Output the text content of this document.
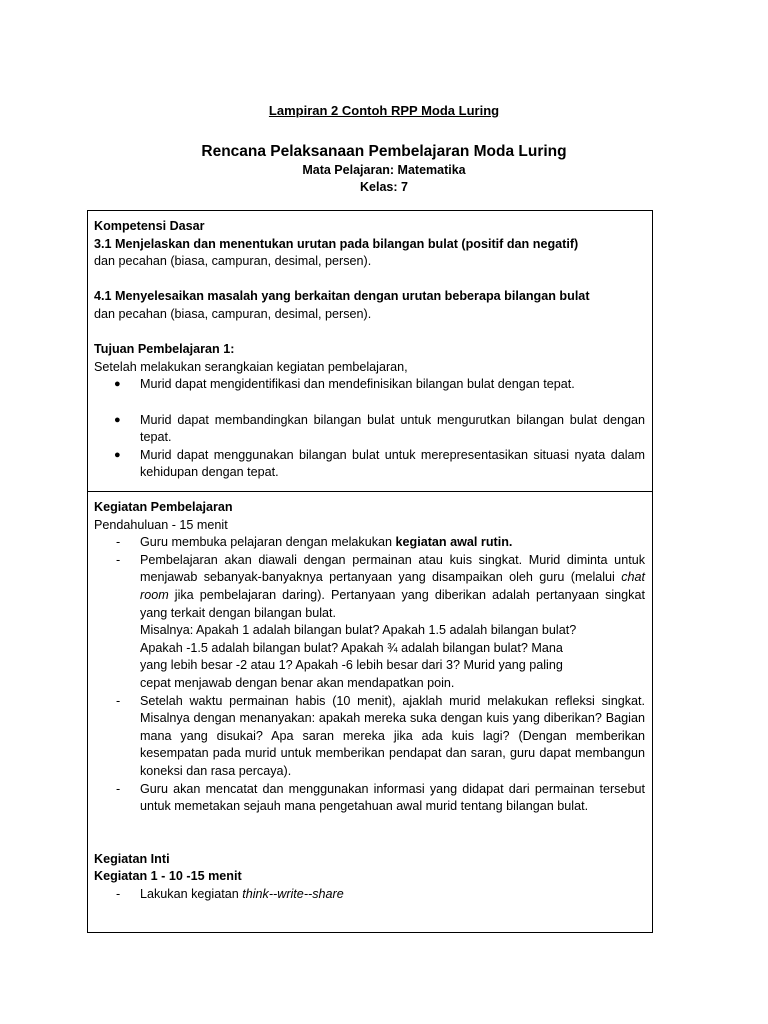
Lampiran 2 Contoh RPP Moda Luring
Rencana Pelaksanaan Pembelajaran Moda Luring
Mata Pelajaran: Matematika
Kelas: 7
Kompetensi Dasar
3.1 Menjelaskan dan menentukan urutan pada bilangan bulat (positif dan negatif)
dan pecahan (biasa, campuran, desimal, persen).
4.1 Menyelesaikan masalah yang berkaitan dengan urutan beberapa bilangan bulat
dan pecahan (biasa, campuran, desimal, persen).
Tujuan Pembelajaran 1:
Setelah melakukan serangkaian kegiatan pembelajaran,
● Murid dapat mengidentifikasi dan mendefinisikan bilangan bulat dengan tepat.
● Murid dapat membandingkan bilangan bulat untuk mengurutkan bilangan bulat dengan tepat.
● Murid dapat menggunakan bilangan bulat untuk merepresentasikan situasi nyata dalam kehidupan dengan tepat.
Kegiatan Pembelajaran
Pendahuluan - 15 menit
- Guru membuka pelajaran dengan melakukan kegiatan awal rutin.
- Pembelajaran akan diawali dengan permainan atau kuis singkat. Murid diminta untuk menjawab sebanyak-banyaknya pertanyaan yang disampaikan oleh guru (melalui chat room jika pembelajaran daring). Pertanyaan yang diberikan adalah pertanyaan singkat yang terkait dengan bilangan bulat.
Misalnya: Apakah 1 adalah bilangan bulat? Apakah 1.5 adalah bilangan bulat?
Apakah -1.5 adalah bilangan bulat? Apakah ¾ adalah bilangan bulat? Mana
yang lebih besar -2 atau 1? Apakah -6 lebih besar dari 3? Murid yang paling
cepat menjawab dengan benar akan mendapatkan poin.
- Setelah waktu permainan habis (10 menit), ajaklah murid melakukan refleksi singkat. Misalnya dengan menanyakan: apakah mereka suka dengan kuis yang diberikan? Bagian mana yang disukai? Apa saran mereka jika ada kuis lagi? (Dengan memberikan kesempatan pada murid untuk memberikan pendapat dan saran, guru dapat membangun koneksi dan rasa percaya).
- Guru akan mencatat dan menggunakan informasi yang didapat dari permainan tersebut untuk memetakan sejauh mana pengetahuan awal murid tentang bilangan bulat.
Kegiatan Inti
Kegiatan 1 - 10 -15 menit
- Lakukan kegiatan think--write--share
